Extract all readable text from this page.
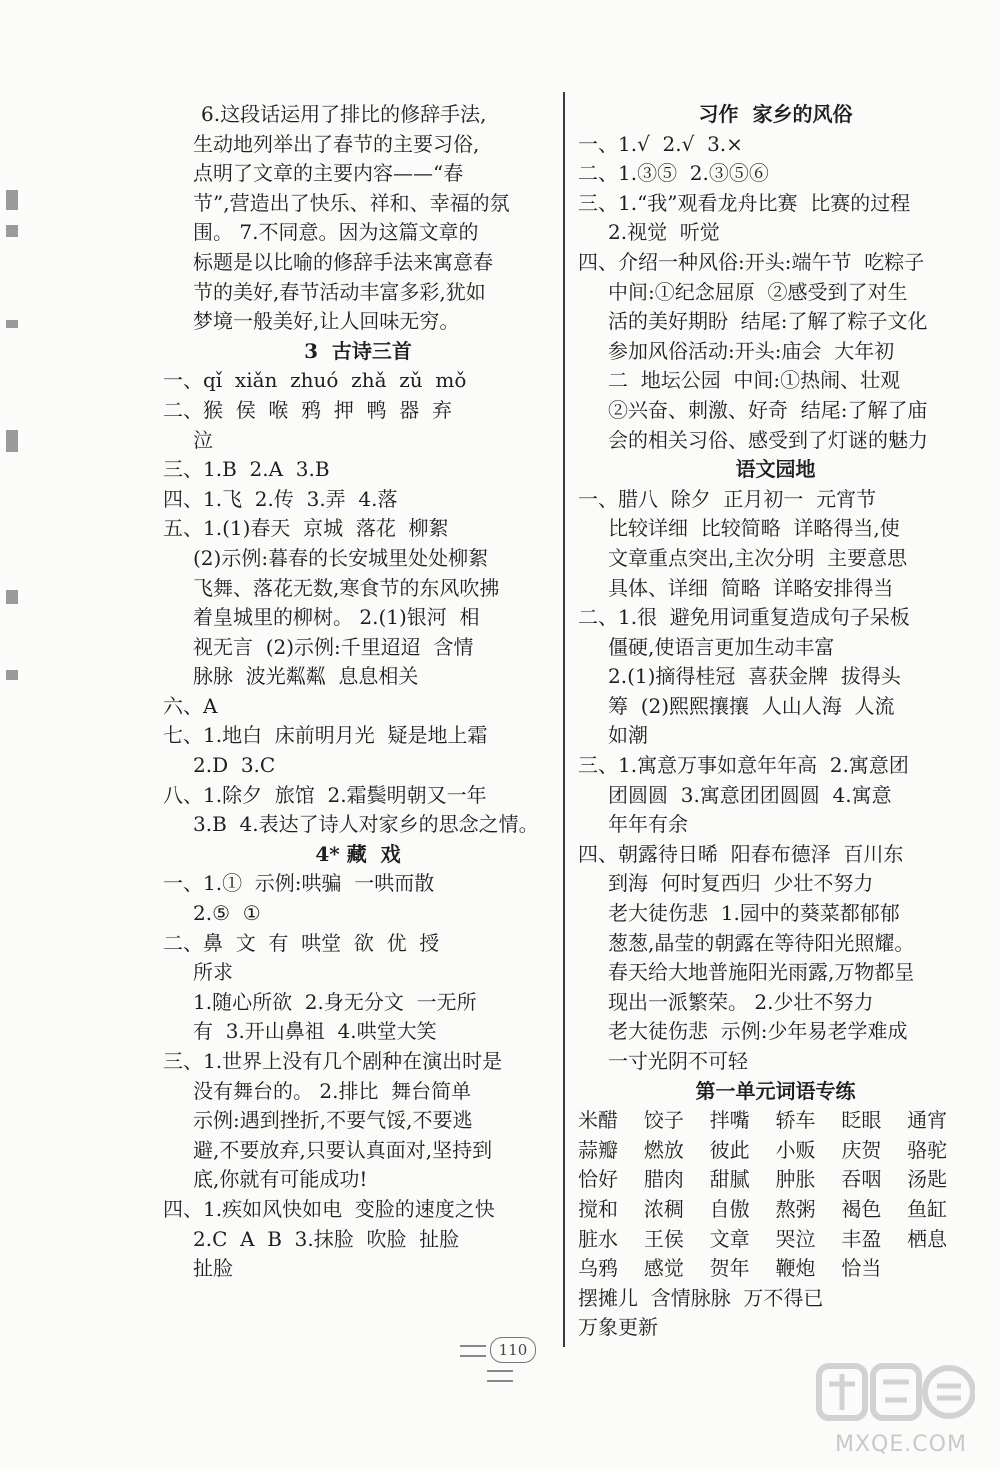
6.这段话运用了排比的修辞手法,
生动地列举出了春节的主要习俗,
点明了文章的主要内容——“春
节”,营造出了快乐、祥和、幸福的氛
围。 7.不同意。因为这篇文章的
标题是以比喻的修辞手法来寓意春
节的美好,春节活动丰富多彩,犹如
梦境一般美好,让人回味无穷。
3  古诗三首
一、qǐ  xiǎn  zhuó  zhǎ  zǔ  mǒ
二、猴  侯  喉  鸦  押  鸭  器  弃
泣
三、1.B  2.A  3.B
四、1.飞  2.传  3.弄  4.落
五、1.(1)春天  京城  落花  柳絮
(2)示例:暮春的长安城里处处柳絮
飞舞、落花无数,寒食节的东风吹拂
着皇城里的柳树。 2.(1)银河  相
视无言  (2)示例:千里迢迢  含情
脉脉  波光粼粼  息息相关
六、A
七、1.地白  床前明月光  疑是地上霜
2.D  3.C
八、1.除夕  旅馆  2.霜鬓明朝又一年
3.B  4.表达了诗人对家乡的思念之情。
4* 藏  戏
一、1.①  示例:哄骗  一哄而散
2.⑤  ①
二、鼻  文  有  哄堂  欲  优  授
所求
1.随心所欲  2.身无分文  一无所
有  3.开山鼻祖  4.哄堂大笑
三、1.世界上没有几个剧种在演出时是
没有舞台的。 2.排比  舞台简单
示例:遇到挫折,不要气馁,不要逃
避,不要放弃,只要认真面对,坚持到
底,你就有可能成功!
四、1.疾如风快如电  变脸的速度之快
2.C  A  B  3.抹脸  吹脸  扯脸
扯脸
习作  家乡的风俗
一、1.√  2.√  3.×
二、1.③⑤  2.③⑤⑥
三、1.“我”观看龙舟比赛  比赛的过程
2.视觉  听觉
四、介绍一种风俗:开头:端午节  吃粽子
中间:①纪念屈原  ②感受到了对生
活的美好期盼  结尾:了解了粽子文化
参加风俗活动:开头:庙会  大年初
二  地坛公园  中间:①热闹、壮观
②兴奋、刺激、好奇  结尾:了解了庙
会的相关习俗、感受到了灯谜的魅力
语文园地
一、腊八  除夕  正月初一  元宵节
比较详细  比较简略  详略得当,使
文章重点突出,主次分明  主要意思
具体、详细  简略  详略安排得当
二、1.很  避免用词重复造成句子呆板
僵硬,使语言更加生动丰富
2.(1)摘得桂冠  喜获金牌  拔得头
筹  (2)熙熙攘攘  人山人海  人流
如潮
三、1.寓意万事如意年年高  2.寓意团
团圆圆  3.寓意团团圆圆  4.寓意
年年有余
四、朝露待日晞  阳春布德泽  百川东
到海  何时复西归  少壮不努力
老大徒伤悲  1.园中的葵菜都郁郁
葱葱,晶莹的朝露在等待阳光照耀。
春天给大地普施阳光雨露,万物都呈
现出一派繁荣。 2.少壮不努力
老大徒伤悲  示例:少年易老学难成
一寸光阴不可轻
第一单元词语专练
米醋	饺子	拌嘴	轿车	眨眼	通宵
蒜瓣	燃放	彼此	小贩	庆贺	骆驼
恰好	腊肉	甜腻	肿胀	吞咽	汤匙
搅和	浓稠	自傲	熬粥	褐色	鱼缸
脏水	王侯	文章	哭泣	丰盈	栖息
乌鸦	感觉	贺年	鞭炮	恰当
摆摊儿  含情脉脉  万不得已
万象更新
110
MXQE.COM
